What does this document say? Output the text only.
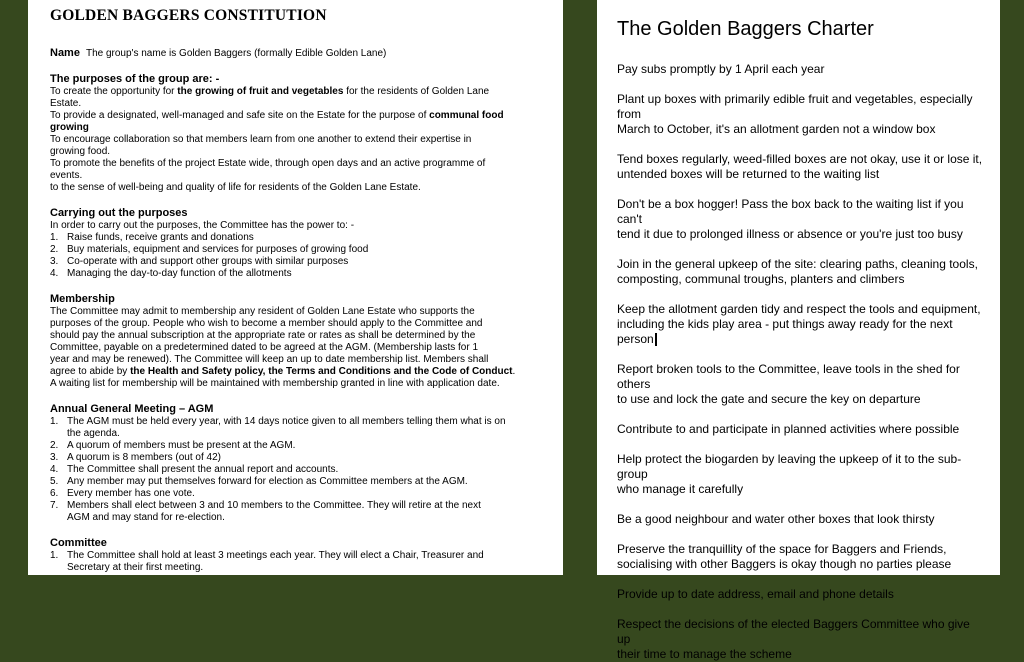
GOLDEN BAGGERS CONSTITUTION
Name The group's name is Golden Baggers (formally Edible Golden Lane)
The purposes of the group are: -
To create the opportunity for the growing of fruit and vegetables for the residents of Golden Lane
Estate.
To provide a designated, well-managed and safe site on the Estate for the purpose of communal food
growing
To encourage collaboration so that members learn from one another to extend their expertise in
growing food.
To promote the benefits of the project Estate wide, through open days and an active programme of
events.
to the sense of well-being and quality of life for residents of the Golden Lane Estate.
Carrying out the purposes
In order to carry out the purposes, the Committee has the power to: -
1. Raise funds, receive grants and donations
2. Buy materials, equipment and services for purposes of growing food
3. Co-operate with and support other groups with similar purposes
4. Managing the day-to-day function of the allotments
Membership
The Committee may admit to membership any resident of Golden Lane Estate who supports the
purposes of the group. People who wish to become a member should apply to the Committee and
should pay the annual subscription at the appropriate rate or rates as shall be determined by the
Committee, payable on a predetermined dated to be agreed at the AGM. (Membership lasts for 1
year and may be renewed). The Committee will keep an up to date membership list. Members shall
agree to abide by the Health and Safety policy, the Terms and Conditions and the Code of Conduct.
A waiting list for membership will be maintained with membership granted in line with application date.
Annual General Meeting – AGM
1. The AGM must be held every year, with 14 days notice given to all members telling them what is on
the agenda.
2. A quorum of members must be present at the AGM.
3. A quorum is 8 members (out of 42)
4. The Committee shall present the annual report and accounts.
5. Any member may put themselves forward for election as Committee members at the AGM.
6. Every member has one vote.
7. Members shall elect between 3 and 10 members to the Committee. They will retire at the next
AGM and may stand for re-election.
Committee
1. The Committee shall hold at least 3 meetings each year. They will elect a Chair, Treasurer and
Secretary at their first meeting.
The Golden Baggers Charter

Pay subs promptly by 1 April each year

Plant up boxes with primarily edible fruit and vegetables, especially from
March to October, it's an allotment garden not a window box

Tend boxes regularly, weed-filled boxes are not okay, use it or lose it,
untended boxes will be returned to the waiting list

Don't be a box hogger! Pass the box back to the waiting list if you can't
tend it due to prolonged illness or absence or you're just too busy

Join in the general upkeep of the site: clearing paths, cleaning tools,
composting, communal troughs, planters and climbers

Keep the allotment garden tidy and respect the tools and equipment,
including the kids play area - put things away ready for the next person

Report broken tools to the Committee, leave tools in the shed for others
to use and lock the gate and secure the key on departure

Contribute to and participate in planned activities where possible

Help protect the biogarden by leaving the upkeep of it to the sub-group
who manage it carefully

Be a good neighbour and water other boxes that look thirsty

Preserve the tranquillity of the space for Baggers and Friends,
socialising with other Baggers is okay though no parties please

Provide up to date address, email and phone details

Respect the decisions of the elected Baggers Committee who give up
their time to manage the scheme
